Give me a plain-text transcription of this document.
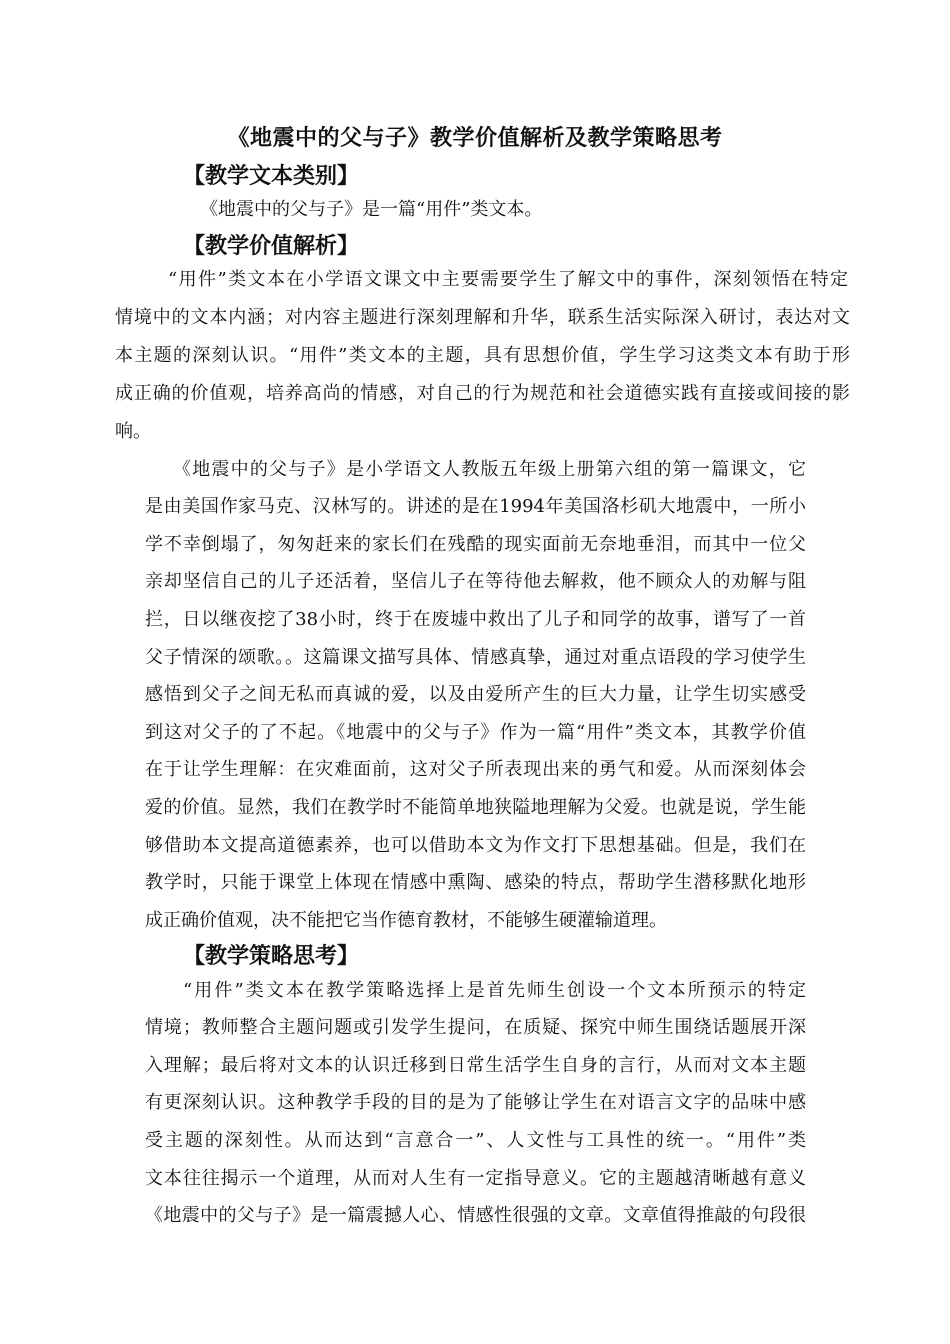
《地震中的父与子》教学价值解析及教学策略思考
【教学文本类别】

《地震中的父与子》是一篇“用件”类文本。

【教学价值解析】

“用件”类文本在小学语文课文中主要需要学生了解文中的事件，深刻领悟在特定

情境中的文本内涵；对内容主题进行深刻理解和升华，联系生活实际深入研讨，表达对文

本主题的深刻认识。“用件”类文本的主题，具有思想价值，学生学习这类文本有助于形

成正确的价值观，培养高尚的情感，对自己的行为规范和社会道德实践有直接或间接的影

响。

《地震中的父与子》是小学语文人教版五年级上册第六组的第一篇课文，它

是由美国作家马克、汉林写的。讲述的是在1994年美国洛杉矶大地震中，一所小

学不幸倒塌了，匆匆赶来的家长们在残酷的现实面前无奈地垂泪，而其中一位父

亲却坚信自己的儿子还活着，坚信儿子在等待他去解救，他不顾众人的劝解与阻

拦，日以继夜挖了38小时，终于在废墟中救出了儿子和同学的故事，谱写了一首

父子情深的颂歌。。这篇课文描写具体、情感真挚，通过对重点语段的学习使学生

感悟到父子之间无私而真诚的爱，以及由爱所产生的巨大力量，让学生切实感受

到这对父子的了不起。《地震中的父与子》作为一篇“用件”类文本，其教学价值

在于让学生理解：在灾难面前，这对父子所表现出来的勇气和爱。从而深刻体会

爱的价值。显然，我们在教学时不能简单地狭隘地理解为父爱。也就是说，学生能

够借助本文提高道德素养，也可以借助本文为作文打下思想基础。但是，我们在

教学时，只能于课堂上体现在情感中熏陶、感染的特点，帮助学生潜移默化地形

成正确价值观，决不能把它当作德育教材，不能够生硬灌输道理。

【教学策略思考】

“用件”类文本在教学策略选择上是首先师生创设一个文本所预示的特定

情境；教师整合主题问题或引发学生提问，在质疑、探究中师生围绕话题展开深

入理解；最后将对文本的认识迁移到日常生活学生自身的言行，从而对文本主题

有更深刻认识。这种教学手段的目的是为了能够让学生在对语言文字的品味中感

受主题的深刻性。从而达到“言意合一”、人文性与工具性的统一。“用件”类

文本往往揭示一个道理，从而对人生有一定指导意义。它的主题越清晰越有意义

《地震中的父与子》是一篇震撼人心、情感性很强的文章。文章值得推敲的句段很
